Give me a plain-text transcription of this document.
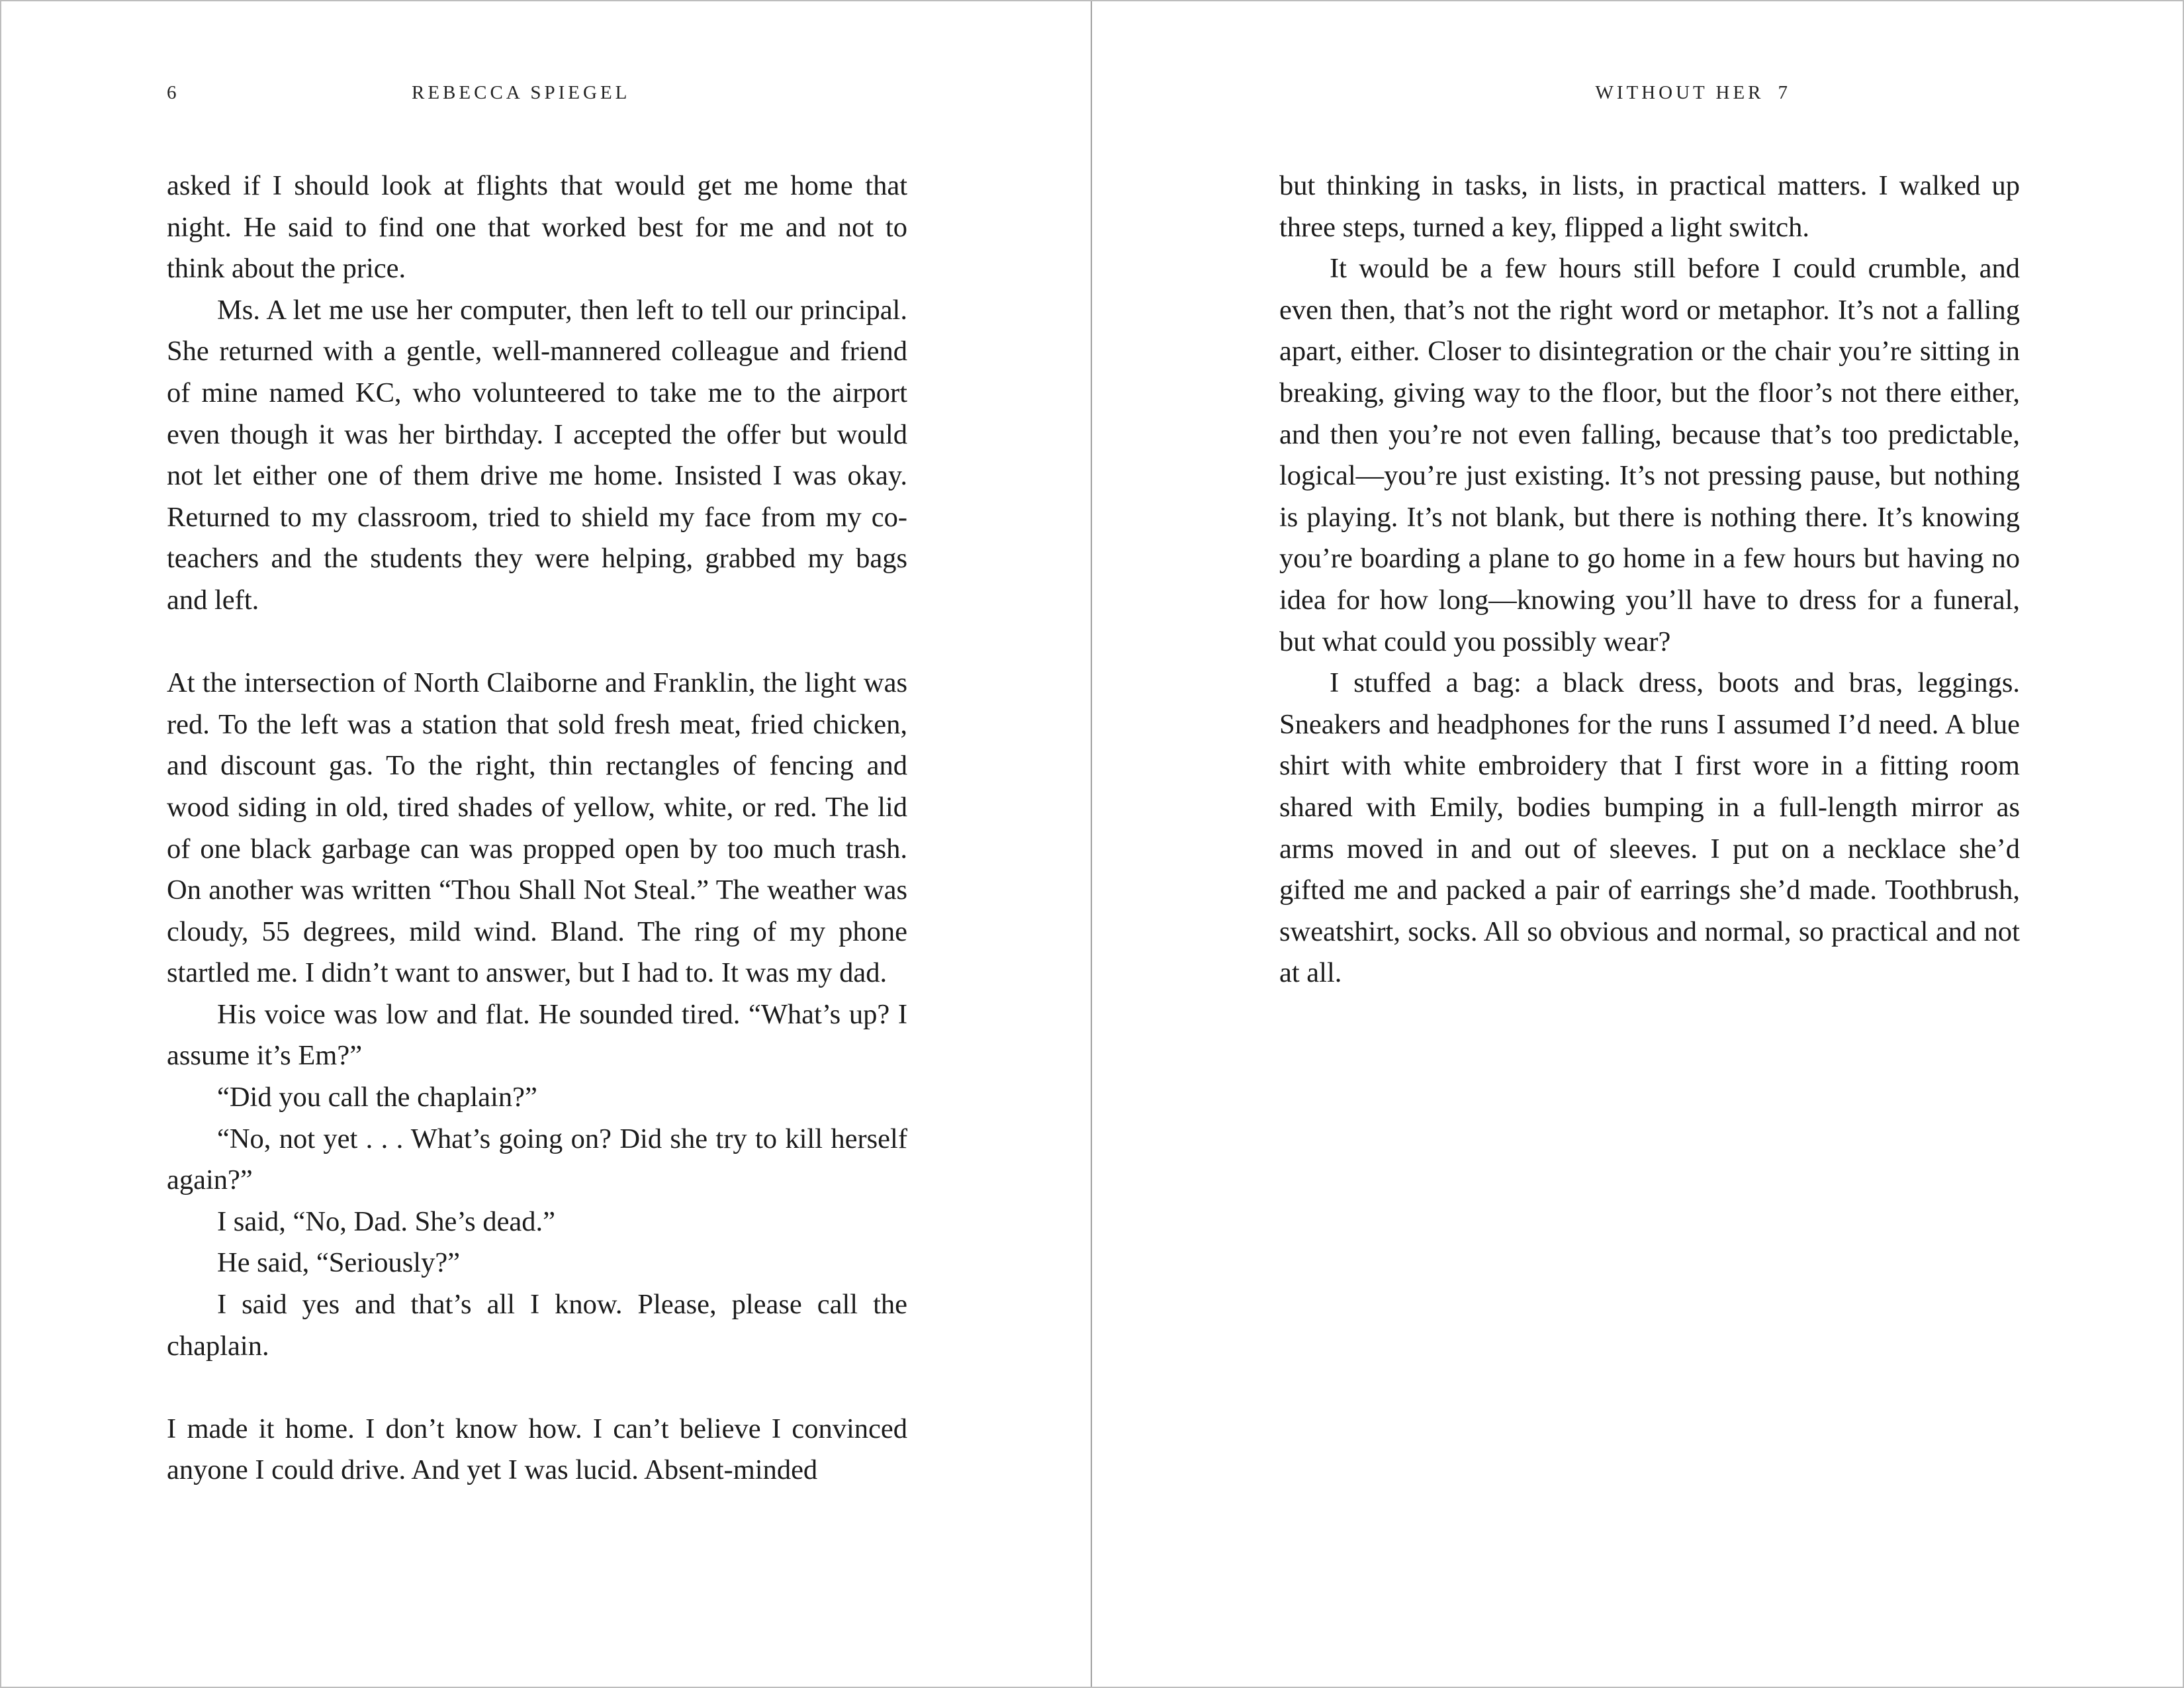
6	REBECCA SPIEGEL

asked if I should look at flights that would get me home that night. He said to find one that worked best for me and not to think about the price.

Ms. A let me use her computer, then left to tell our principal. She returned with a gentle, well-mannered colleague and friend of mine named KC, who volunteered to take me to the airport even though it was her birthday. I accepted the offer but would not let either one of them drive me home. Insisted I was okay. Returned to my classroom, tried to shield my face from my co-teachers and the students they were helping, grabbed my bags and left.

At the intersection of North Claiborne and Franklin, the light was red. To the left was a station that sold fresh meat, fried chicken, and discount gas. To the right, thin rectangles of fencing and wood siding in old, tired shades of yellow, white, or red. The lid of one black garbage can was propped open by too much trash. On another was written “Thou Shall Not Steal.” The weather was cloudy, 55 degrees, mild wind. Bland. The ring of my phone startled me. I didn’t want to answer, but I had to. It was my dad.

His voice was low and flat. He sounded tired. “What’s up? I assume it’s Em?”

“Did you call the chaplain?”

“No, not yet . . . What’s going on? Did she try to kill herself again?”

I said, “No, Dad. She’s dead.”

He said, “Seriously?”

I said yes and that’s all I know. Please, please call the chaplain.

I made it home. I don’t know how. I can’t believe I convinced anyone I could drive. And yet I was lucid. Absent-minded

WITHOUT HER 7

but thinking in tasks, in lists, in practical matters. I walked up three steps, turned a key, flipped a light switch.

It would be a few hours still before I could crumble, and even then, that’s not the right word or metaphor. It’s not a falling apart, either. Closer to disintegration or the chair you’re sitting in breaking, giving way to the floor, but the floor’s not there either, and then you’re not even falling, because that’s too predictable, logical—you’re just existing. It’s not pressing pause, but nothing is playing. It’s not blank, but there is nothing there. It’s knowing you’re boarding a plane to go home in a few hours but having no idea for how long—knowing you’ll have to dress for a funeral, but what could you possibly wear?

I stuffed a bag: a black dress, boots and bras, leggings. Sneakers and headphones for the runs I assumed I’d need. A blue shirt with white embroidery that I first wore in a fitting room shared with Emily, bodies bumping in a full-length mirror as arms moved in and out of sleeves. I put on a necklace she’d gifted me and packed a pair of earrings she’d made. Toothbrush, sweatshirt, socks. All so obvious and normal, so practical and not at all.
